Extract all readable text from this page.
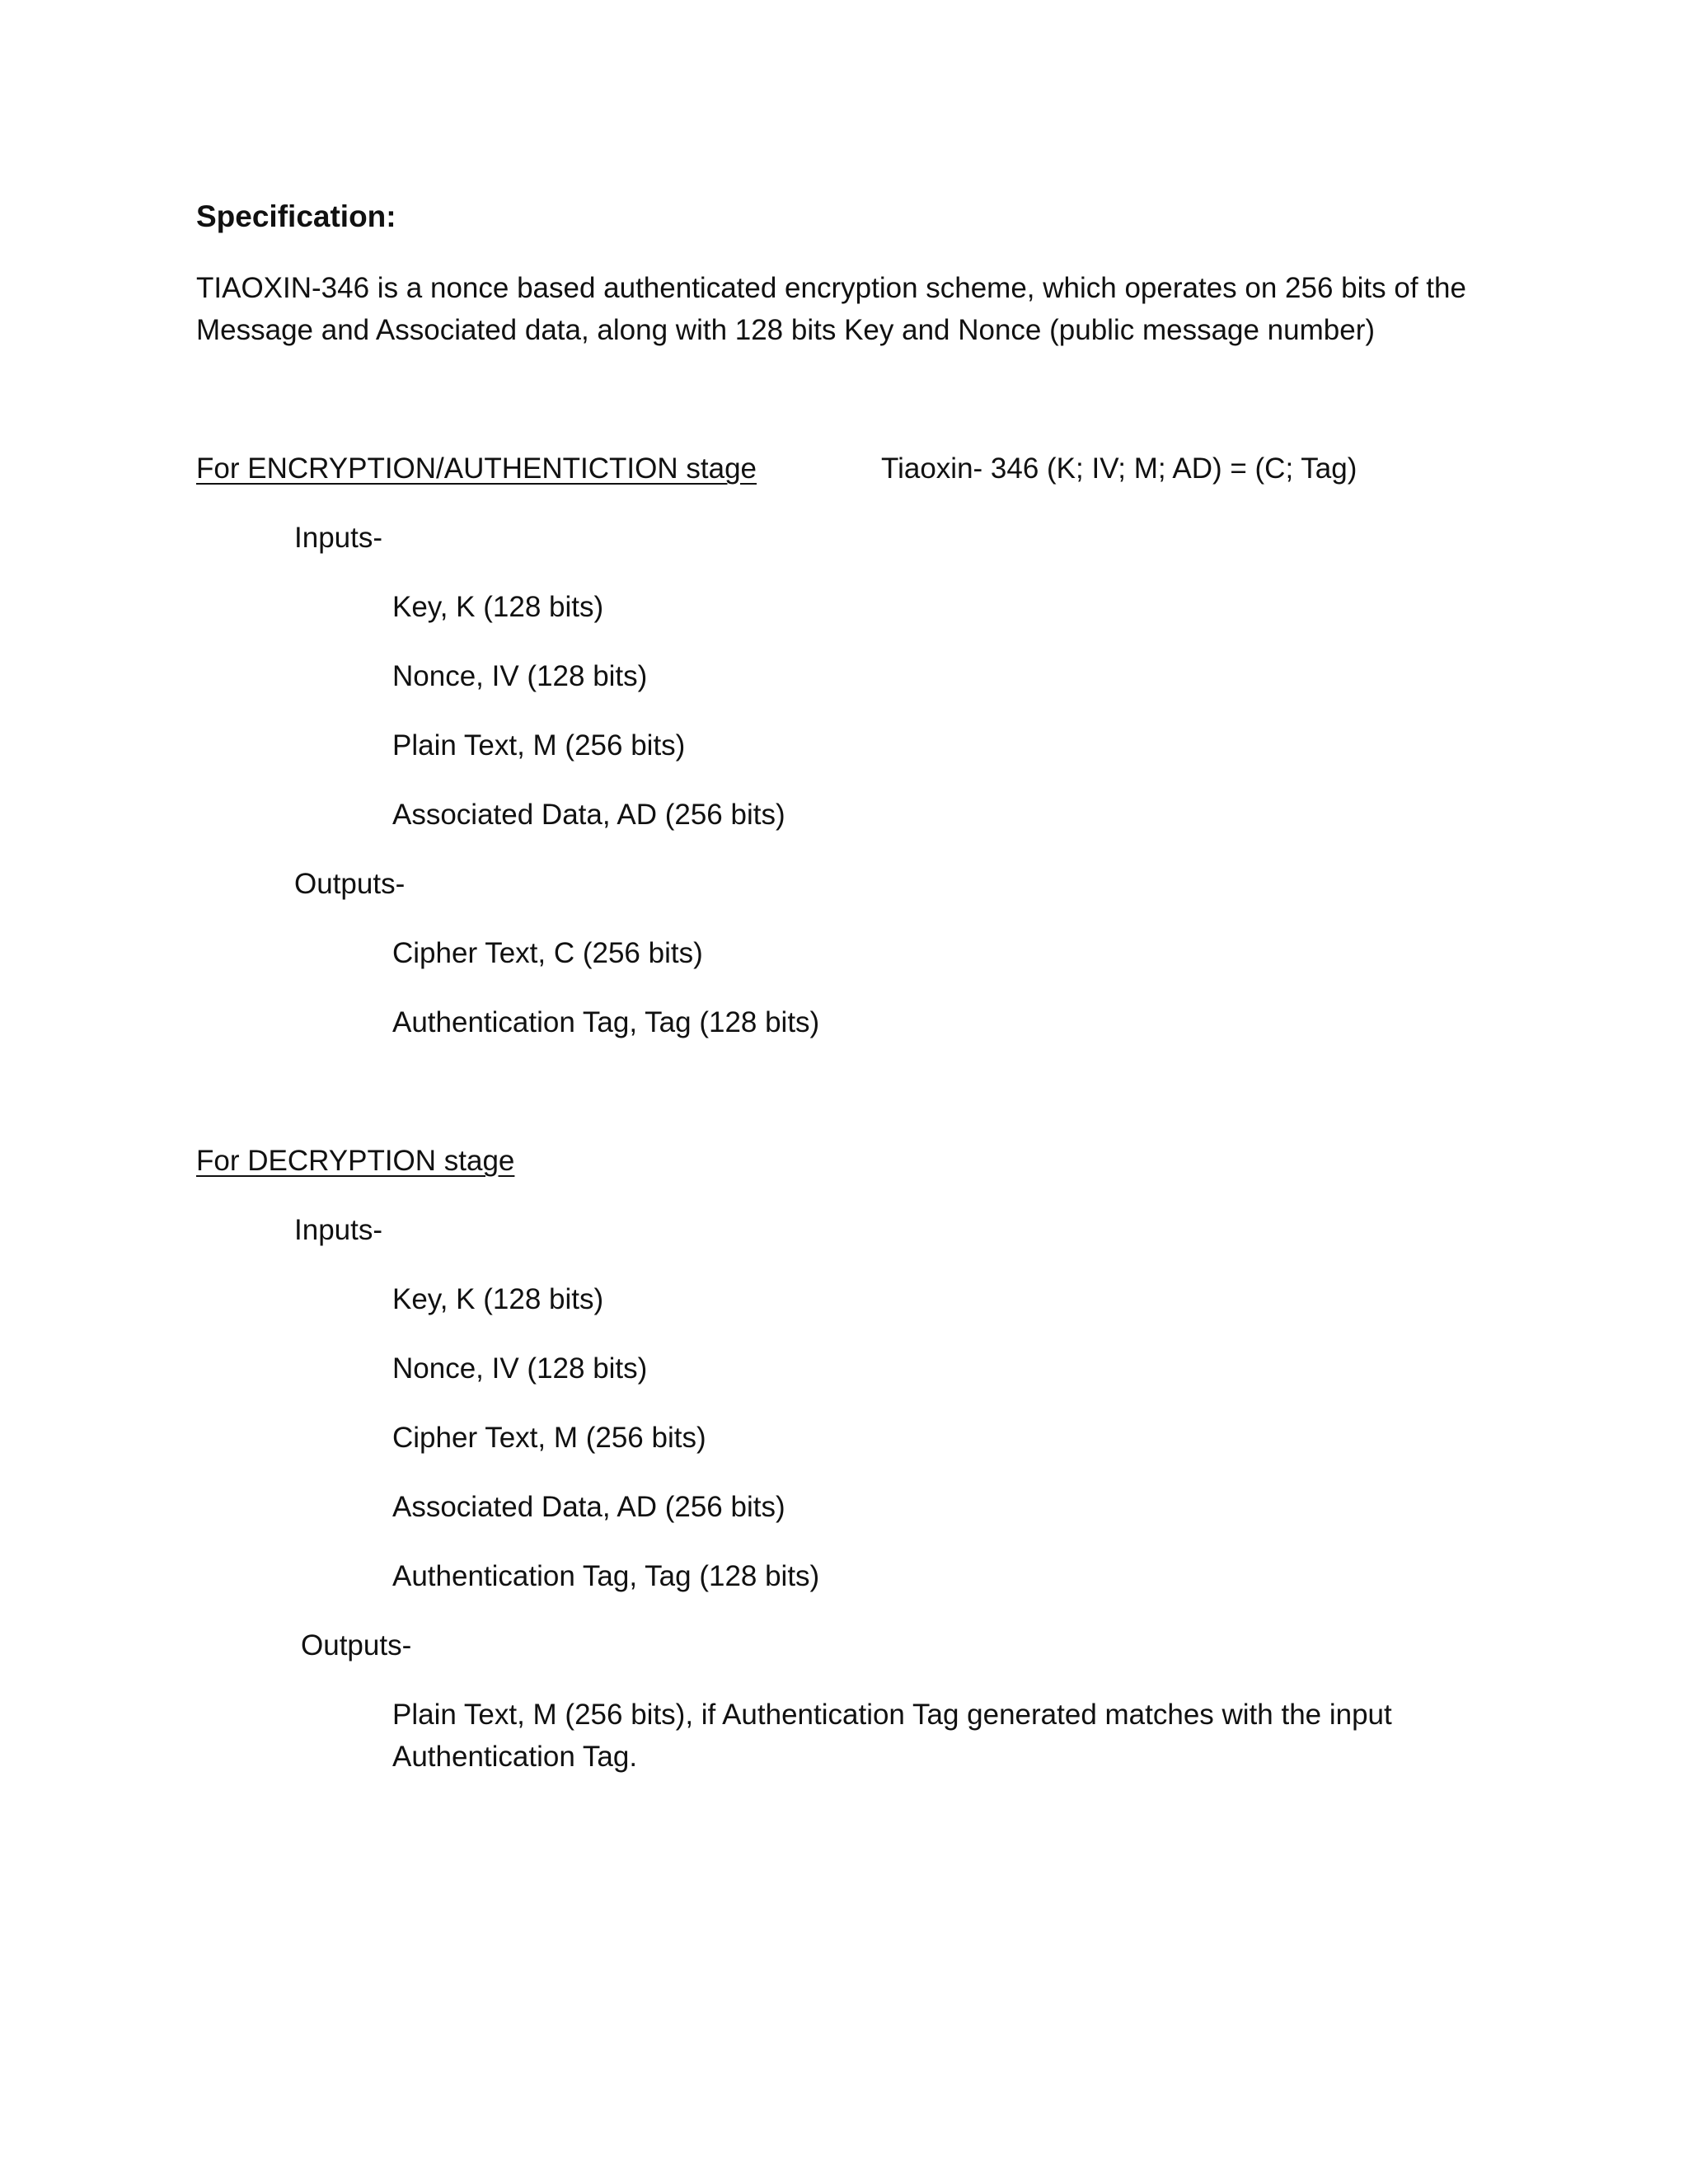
Specification:
TIAOXIN-346 is a nonce based authenticated encryption scheme, which operates on 256 bits of the
Message and Associated data, along with 128 bits Key and Nonce (public message number)
For ENCRYPTION/AUTHENTICTION stage	Tiaoxin- 346 (K; IV; M; AD) = (C; Tag)
Inputs-
Key, K (128 bits)
Nonce, IV (128 bits)
Plain Text, M (256 bits)
Associated Data, AD (256 bits)
Outputs-
Cipher Text, C (256 bits)
Authentication Tag, Tag (128 bits)
For DECRYPTION stage
Inputs-
Key, K (128 bits)
Nonce, IV (128 bits)
Cipher Text, M (256 bits)
Associated Data, AD (256 bits)
Authentication Tag, Tag (128 bits)
Outputs-
Plain Text, M (256 bits), if Authentication Tag generated matches with the input
Authentication Tag.
